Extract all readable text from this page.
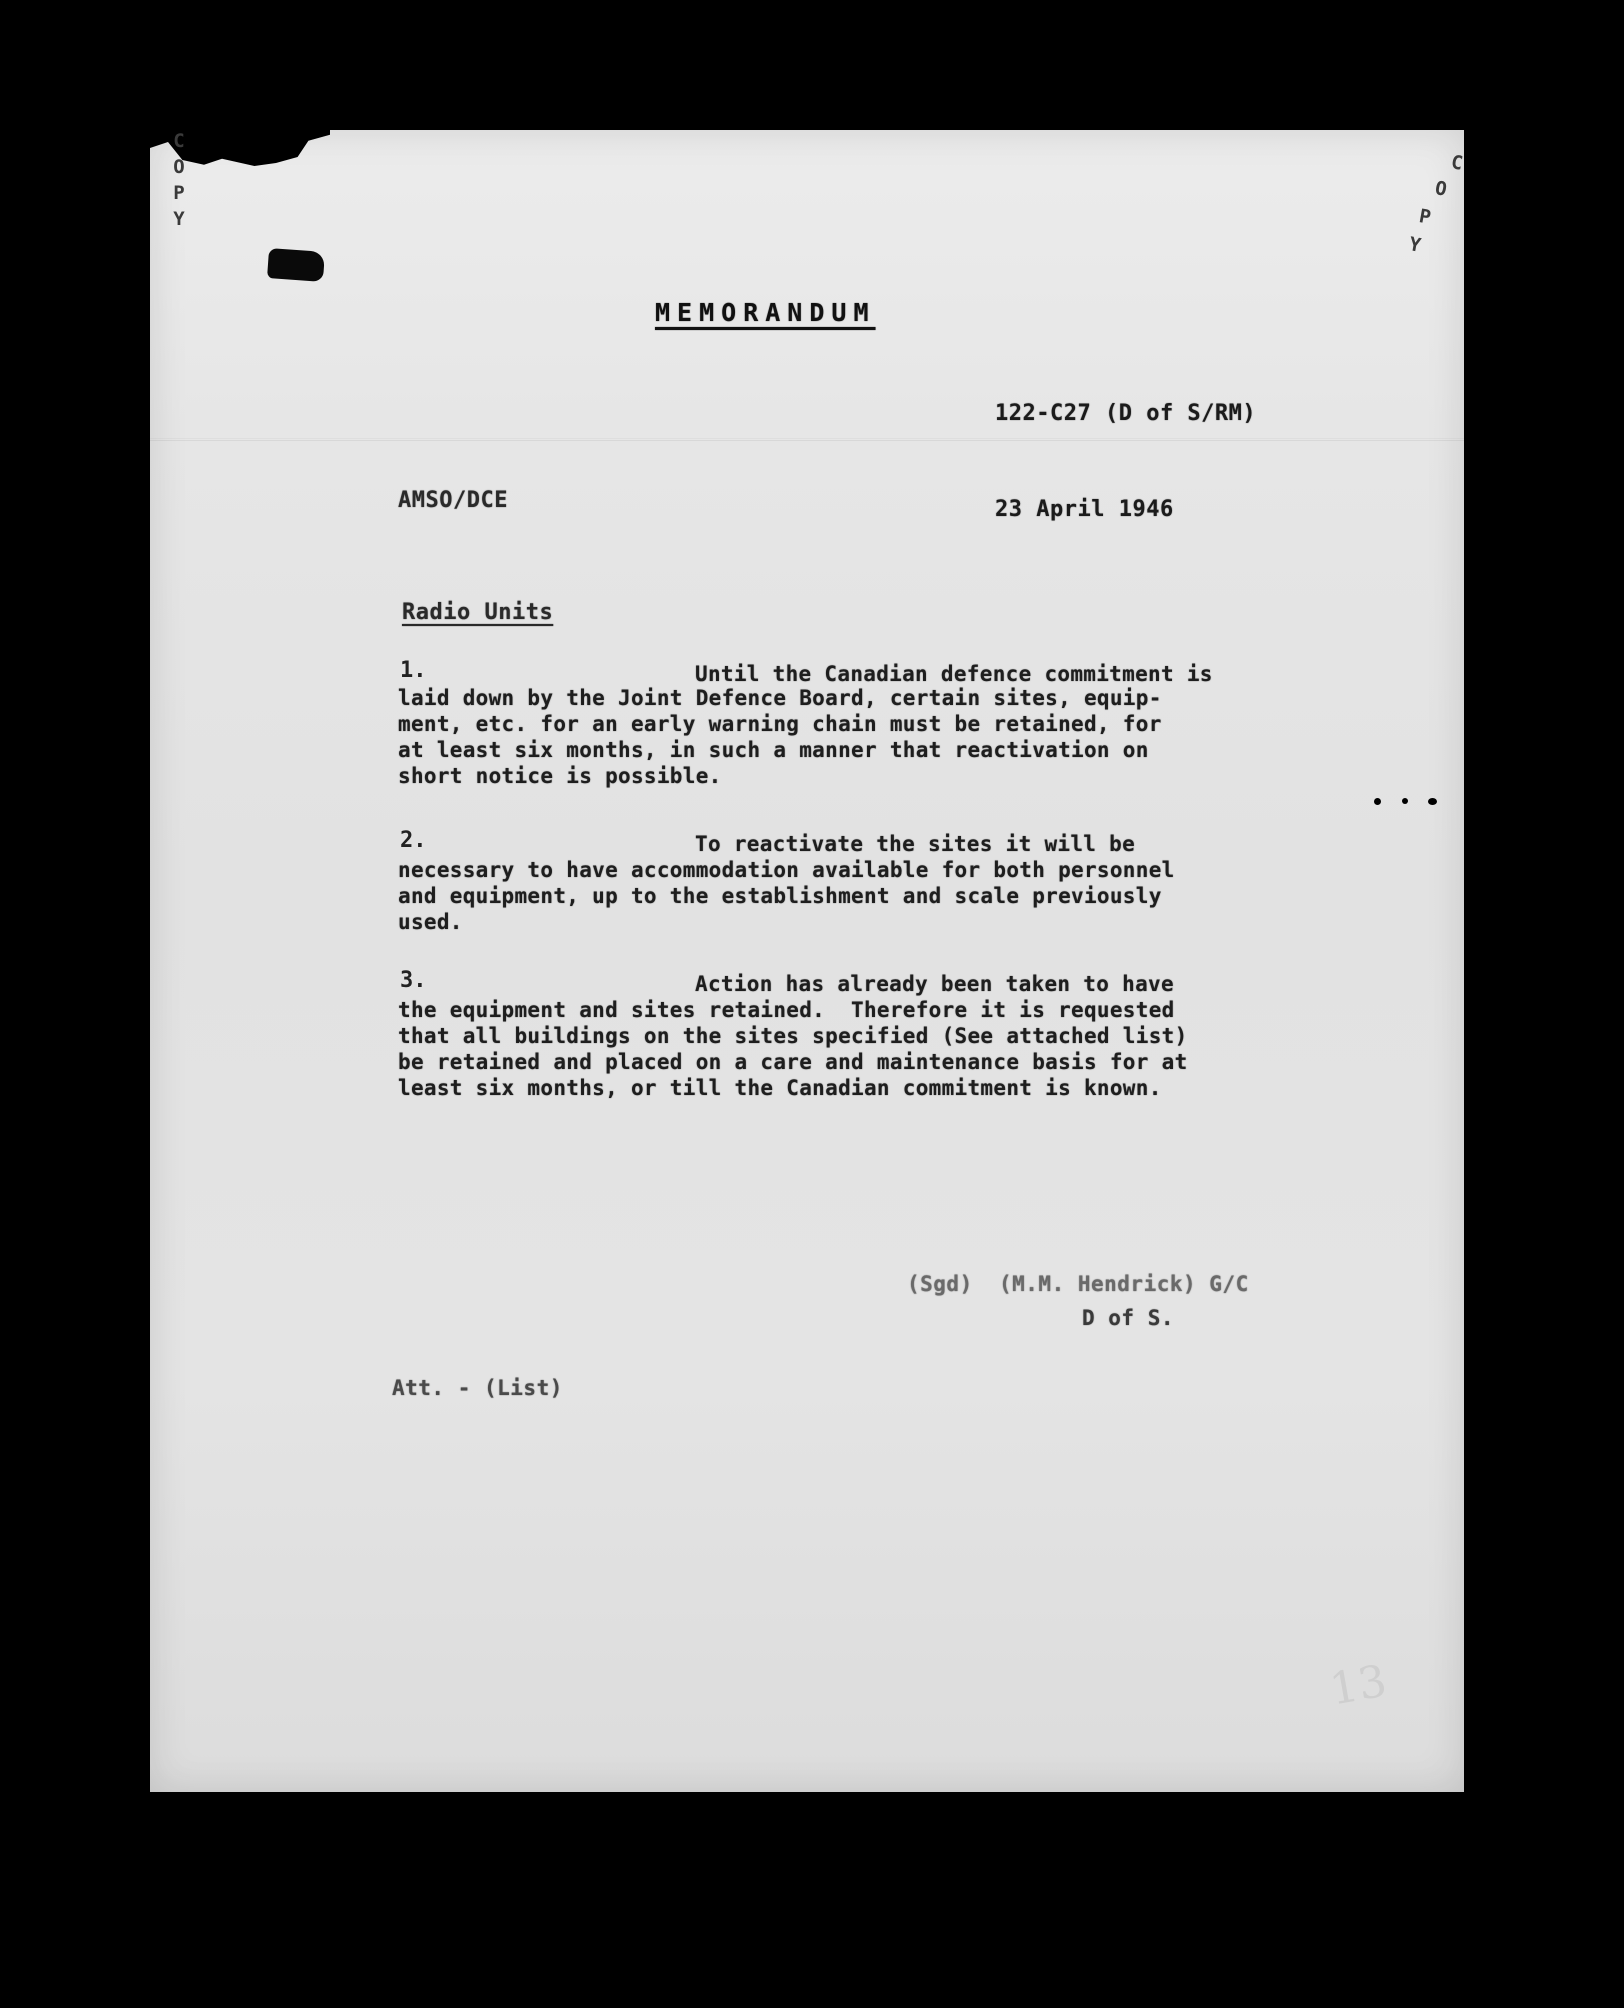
C
O
P
Y
C
O
P
Y
MEMORANDUM

122-C27 (D of S/RM)

23 April 1946

AMSO/DCE
Radio Units
1.	Until the Canadian defence commitment is
laid down by the Joint Defence Board, certain sites, equip-
ment, etc. for an early warning chain must be retained, for
at least six months, in such a manner that reactivation on
short notice is possible.
2.	To reactivate the sites it will be
necessary to have accommodation available for both personnel
and equipment, up to the establishment and scale previously
used.
3.	Action has already been taken to have
the equipment and sites retained.  Therefore it is requested
that all buildings on the sites specified (See attached list)
be retained and placed on a care and maintenance basis for at
least six months, or till the Canadian commitment is known.
(Sgd)  (M.M. Hendrick) G/C
D of S.
Att. - (List)
13
